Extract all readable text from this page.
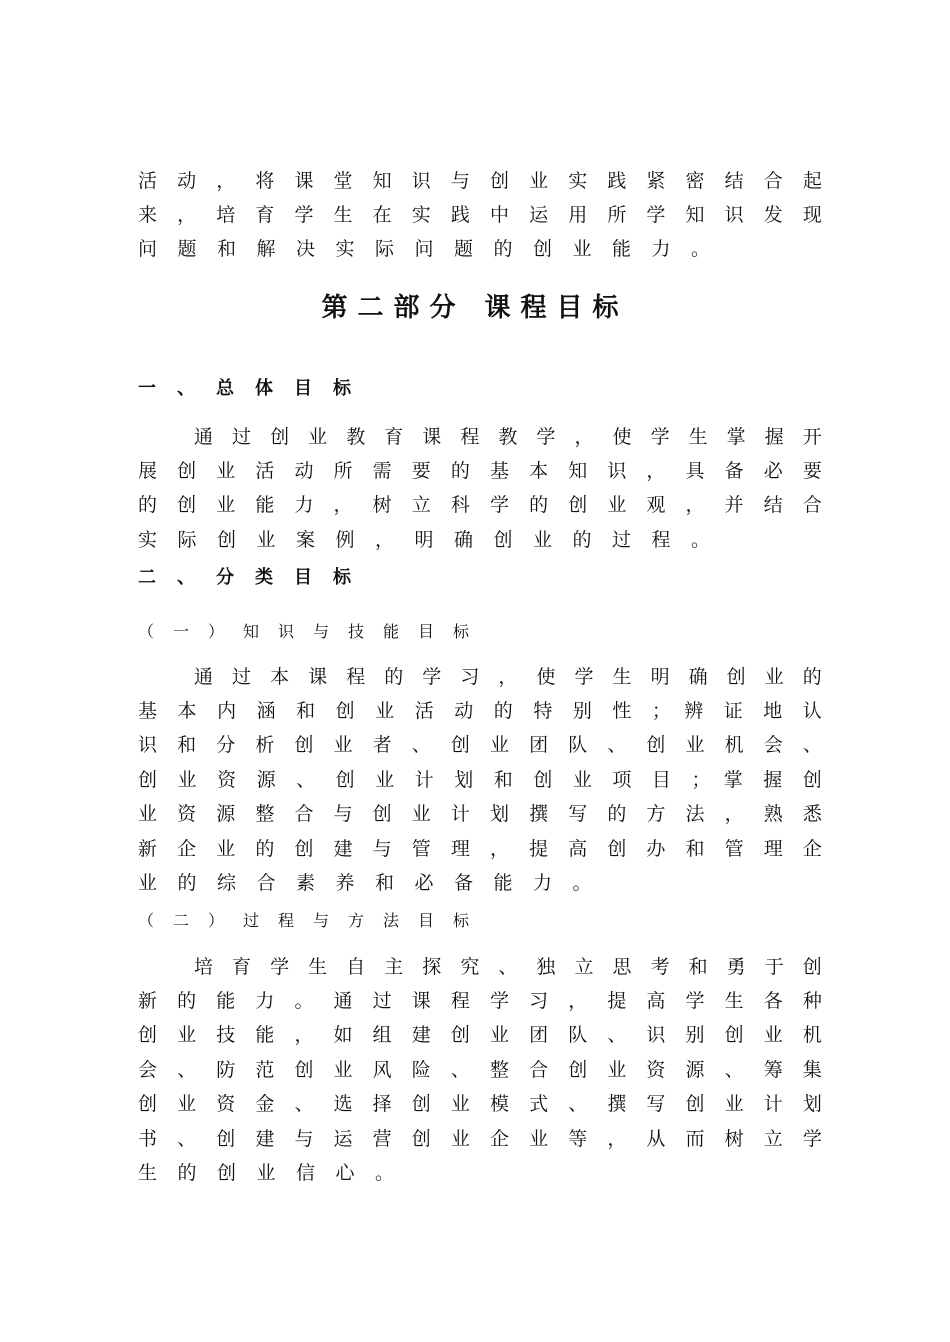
活 动 ， 将 课 堂 知 识 与 创 业 实 践 紧 密 结 合 起
来 ， 培 育 学 生 在 实 践 中 运 用 所 学 知 识 发 现
问题和解决实际问题的创业能力。
第二部分 课程目标
一、总体目标
通 过 创 业 教 育 课 程 教 学 ， 使 学 生 掌 握 开
展 创 业 活 动 所 需 要 的 基 本 知 识 ， 具 备 必 要
的 创 业 能 力 ， 树 立 科 学 的 创 业 观 ， 并 结 合
实际创业案例，明确创业的过程。
二、分类目标
（一）知识与技能目标
通 过 本 课 程 的 学 习 ， 使 学 生 明 确 创 业 的
基 本 内 涵 和 创 业 活 动 的 特 别 性 ； 辨 证 地 认
识 和 分 析 创 业 者 、 创 业 团 队 、 创 业 机 会 、
创 业 资 源 、 创 业 计 划 和 创 业 项 目 ； 掌 握 创
业 资 源 整 合 与 创 业 计 划 撰 写 的 方 法 ， 熟 悉
新 企 业 的 创 建 与 管 理 ， 提 高 创 办 和 管 理 企
业的综合素养和必备能力。
（二）过程与方法目标
培 育 学 生 自 主 探 究 、 独 立 思 考 和 勇 于 创
新 的 能 力 。 通 过 课 程 学 习 ， 提 高 学 生 各 种
创 业 技 能 ， 如 组 建 创 业 团 队 、 识 别 创 业 机
会 、 防 范 创 业 风 险 、 整 合 创 业 资 源 、 筹 集
创 业 资 金 、 选 择 创 业 模 式 、 撰 写 创 业 计 划
书 、 创 建 与 运 营 创 业 企 业 等 ， 从 而 树 立 学
生的创业信心。
